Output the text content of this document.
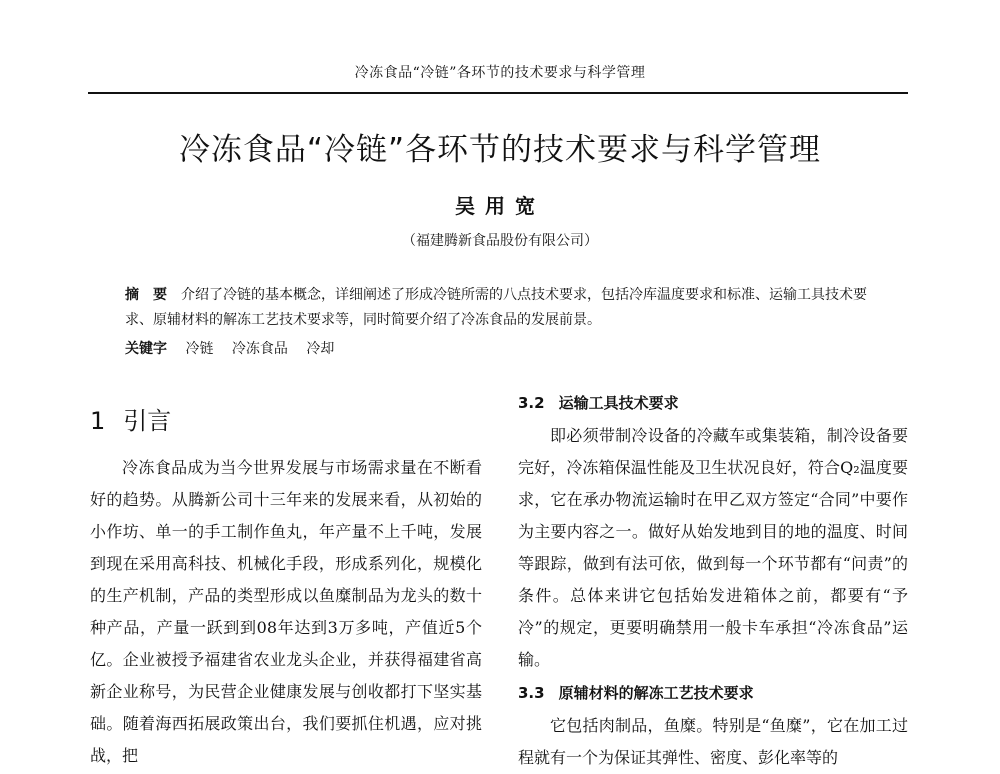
冷冻食品“冷链”各环节的技术要求与科学管理
冷冻食品“冷链”各环节的技术要求与科学管理
吴用宽
（福建腾新食品股份有限公司）
摘　要 介绍了冷链的基本概念，详细阐述了形成冷链所需的八点技术要求，包括冷库温度要求和标准、运输工具技术要求、原辅材料的解冻工艺技术要求等，同时简要介绍了冷冻食品的发展前景。
关键字 冷链 冷冻食品 冷却
1 引言

冷冻食品成为当今世界发展与市场需求量在不断看好的趋势。从腾新公司十三年来的发展来看，从初始的小作坊、单一的手工制作鱼丸，年产量不上千吨，发展到现在采用高科技、机械化手段，形成系列化，规模化的生产机制，产品的类型形成以鱼糜制品为龙头的数十种产品，产量一跃到到08年达到3万多吨，产值近5个亿。企业被授予福建省农业龙头企业，并获得福建省高新企业称号，为民营企业健康发展与创收都打下坚实基础。随着海西拓展政策出台，我们要抓住机遇，应对挑战，把

3.2 运输工具技术要求

即必须带制冷设备的冷藏车或集装箱，制冷设备要完好，冷冻箱保温性能及卫生状况良好，符合Q₂温度要求，它在承办物流运输时在甲乙双方签定“合同”中要作为主要内容之一。做好从始发地到目的地的温度、时间等跟踪，做到有法可依，做到每一个环节都有“问责”的条件。总体来讲它包括始发进箱体之前，都要有“予冷”的规定，更要明确禁用一般卡车承担“冷冻食品”运输。

3.3 原辅材料的解冻工艺技术要求

它包括肉制品，鱼糜。特别是“鱼糜”，它在加工过程就有一个为保证其弹性、密度、彭化率等的
